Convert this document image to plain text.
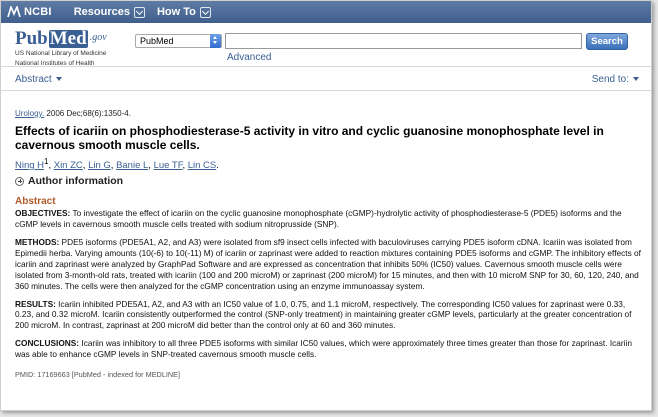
NCBI Resources How To
Pub Med .gov
US National Library of Medicine
National Institutes of Health
PubMed	Search
Advanced
Abstract	Send to:
Urology. 2006 Dec;68(6):1350-4.
Effects of icariin on phosphodiesterase-5 activity in vitro and cyclic guanosine monophosphate level in cavernous smooth muscle cells.
Ning $H^1$, Xin ZC, Lin G, Banie L, Lue TF, Lin CS.
Author information
Abstract

OBJECTIVES: To investigate the effect of icariin on the cyclic guanosine monophosphate (cGMP)-hydrolytic activity of phosphodiesterase-5 (PDE5) isoforms and the cGMP levels in cavernous smooth muscle cells treated with sodium nitroprusside (SNP).

METHODS: PDE5 isoforms (PDE5A1, A2, and A3) were isolated from sf9 insect cells infected with baculoviruses carrying PDE5 isoform cDNA. Icariin was isolated from Epimedii herba. Varying amounts (10(-6) to 10(-11) M) of icariin or zaprinast were added to reaction mixtures containing PDE5 isoforms and cGMP. The inhibitory effects of icariin and zaprinast were analyzed by GraphPad Software and are expressed as concentration that inhibits 50% (IC50) values. Cavernous smooth muscle cells were isolated from 3-month-old rats, treated with icariin (100 and 200 microM) or zaprinast (200 microM) for 15 minutes, and then with 10 microM SNP for 30, 60, 120, 240, and 360 minutes. The cells were then analyzed for the cGMP concentration using an enzyme immunoassay system.

RESULTS: Icariin inhibited PDE5A1, A2, and A3 with an IC50 value of 1.0, 0.75, and 1.1 microM, respectively. The corresponding IC50 values for zaprinast were 0.33, 0.23, and 0.32 microM. Icariin consistently outperformed the control (SNP-only treatment) in maintaining greater cGMP levels, particularly at the greater concentration of 200 microM. In contrast, zaprinast at 200 microM did better than the control only at 60 and 360 minutes.

CONCLUSIONS: Icariin was inhibitory to all three PDE5 isoforms with similar IC50 values, which were approximately three times greater than those for zaprinast. Icariin was able to enhance cGMP levels in SNP-treated cavernous smooth muscle cells.

PMID: 17169663 [PubMed - indexed for MEDLINE]
